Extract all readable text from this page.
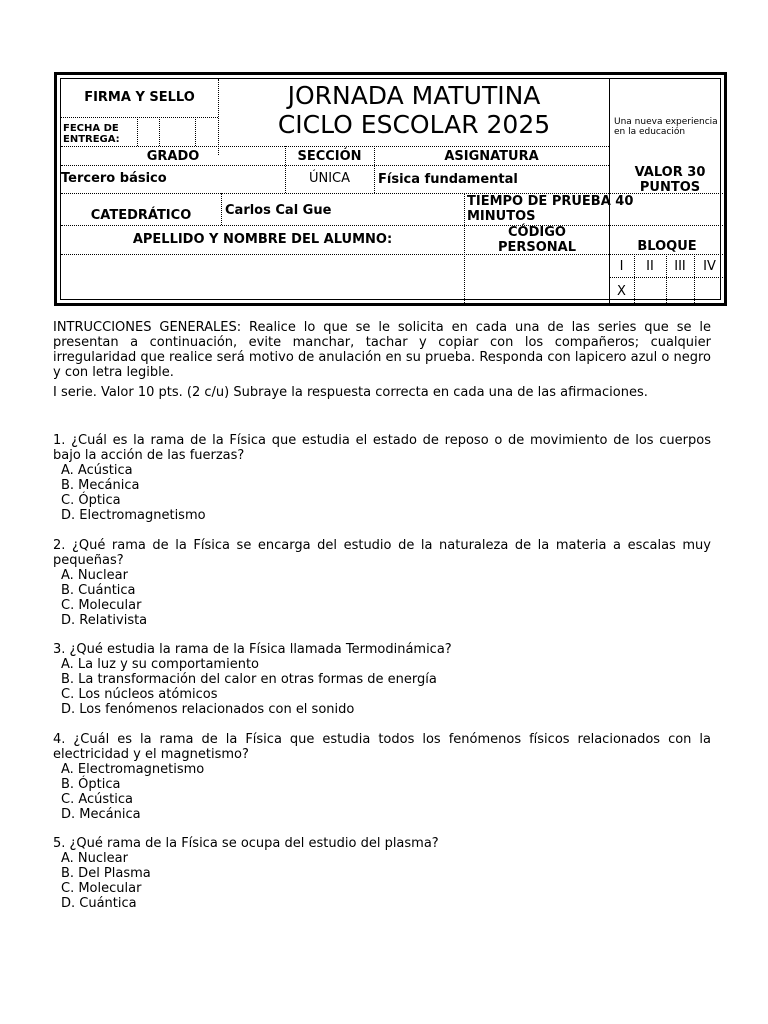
FIRMA Y SELLO
FECHA DE ENTREGA:
JORNADA MATUTINA
CICLO ESCOLAR 2025	Una nueva experiencia en la educación
GRADO	SECCIÓN	ASIGNATURA
Tercero básico	ÚNICA	Física fundamental	VALOR 30 PUNTOS
CATEDRÁTICO	Carlos Cal Gue
TIEMPO DE PRUEBA 40 MINUTOS
APELLIDO Y NOMBRE DEL ALUMNO:	CÓDIGO PERSONAL	BLOQUE
I	II	III	IV
X
INTRUCCIONES GENERALES: Realice lo que se le solicita en cada una de las series que se le presentan a continuación, evite manchar, tachar y copiar con los compañeros; cualquier irregularidad que realice será motivo de anulación en su prueba. Responda con lapicero azul o negro y con letra legible.
I serie. Valor 10 pts. (2 c/u) Subraye la respuesta correcta en cada una de las afirmaciones.
1. ¿Cuál es la rama de la Física que estudia el estado de reposo o de movimiento de los cuerpos bajo la acción de las fuerzas?
A. Acústica
B. Mecánica
C. Óptica
D. Electromagnetismo
2. ¿Qué rama de la Física se encarga del estudio de la naturaleza de la materia a escalas muy pequeñas?
A. Nuclear
B. Cuántica
C. Molecular
D. Relativista
3. ¿Qué estudia la rama de la Física llamada Termodinámica?
A. La luz y su comportamiento
B. La transformación del calor en otras formas de energía
C. Los núcleos atómicos
D. Los fenómenos relacionados con el sonido
4. ¿Cuál es la rama de la Física que estudia todos los fenómenos físicos relacionados con la electricidad y el magnetismo?
A. Electromagnetismo
B. Óptica
C. Acústica
D. Mecánica
5. ¿Qué rama de la Física se ocupa del estudio del plasma?
A. Nuclear
B. Del Plasma
C. Molecular
D. Cuántica
